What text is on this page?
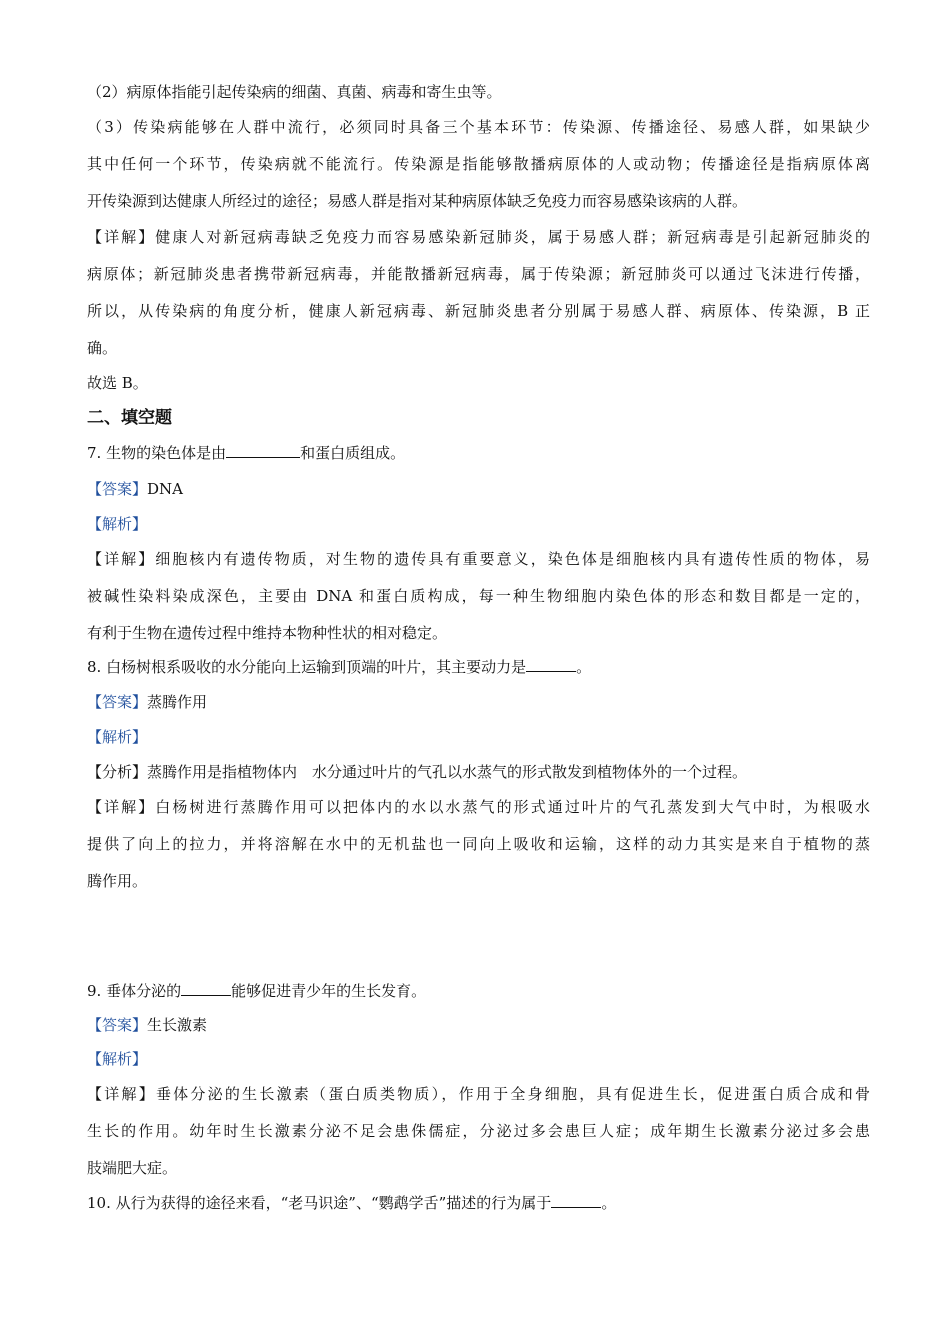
（2）病原体指能引起传染病的细菌、真菌、病毒和寄生虫等。
（3）传染病能够在人群中流行，必须同时具备三个基本环节：传染源、传播途径、易感人群，如果缺少
其中任何一个环节，传染病就不能流行。传染源是指能够散播病原体的人或动物；传播途径是指病原体离
开传染源到达健康人所经过的途径；易感人群是指对某种病原体缺乏免疫力而容易感染该病的人群。
【详解】健康人对新冠病毒缺乏免疫力而容易感染新冠肺炎，属于易感人群；新冠病毒是引起新冠肺炎的
病原体；新冠肺炎患者携带新冠病毒，并能散播新冠病毒，属于传染源；新冠肺炎可以通过飞沫进行传播，
所以，从传染病的角度分析，健康人新冠病毒、新冠肺炎患者分别属于易感人群、病原体、传染源，B 正
确。
故选 B。
二、填空题
7. 生物的染色体是由	和蛋白质组成。
【答案】DNA
【解析】
【详解】细胞核内有遗传物质，对生物的遗传具有重要意义，染色体是细胞核内具有遗传性质的物体，易
被碱性染料染成深色，主要由 DNA 和蛋白质构成，每一种生物细胞内染色体的形态和数目都是一定的，
有利于生物在遗传过程中维持本物种性状的相对稳定。
8. 白杨树根系吸收的水分能向上运输到顶端的叶片，其主要动力是	。
【答案】蒸腾作用
【解析】
【分析】蒸腾作用是指植物体内　水分通过叶片的气孔以水蒸气的形式散发到植物体外的一个过程。
【详解】白杨树进行蒸腾作用可以把体内的水以水蒸气的形式通过叶片的气孔蒸发到大气中时，为根吸水
提供了向上的拉力，并将溶解在水中的无机盐也一同向上吸收和运输，这样的动力其实是来自于植物的蒸
腾作用。
9. 垂体分泌的	能够促进青少年的生长发育。
【答案】生长激素
【解析】
【详解】垂体分泌的生长激素（蛋白质类物质），作用于全身细胞，具有促进生长，促进蛋白质合成和骨
生长的作用。幼年时生长激素分泌不足会患侏儒症，分泌过多会患巨人症；成年期生长激素分泌过多会患
肢端肥大症。
10. 从行为获得的途径来看，“老马识途”、“鹦鹉学舌”描述的行为属于	。
